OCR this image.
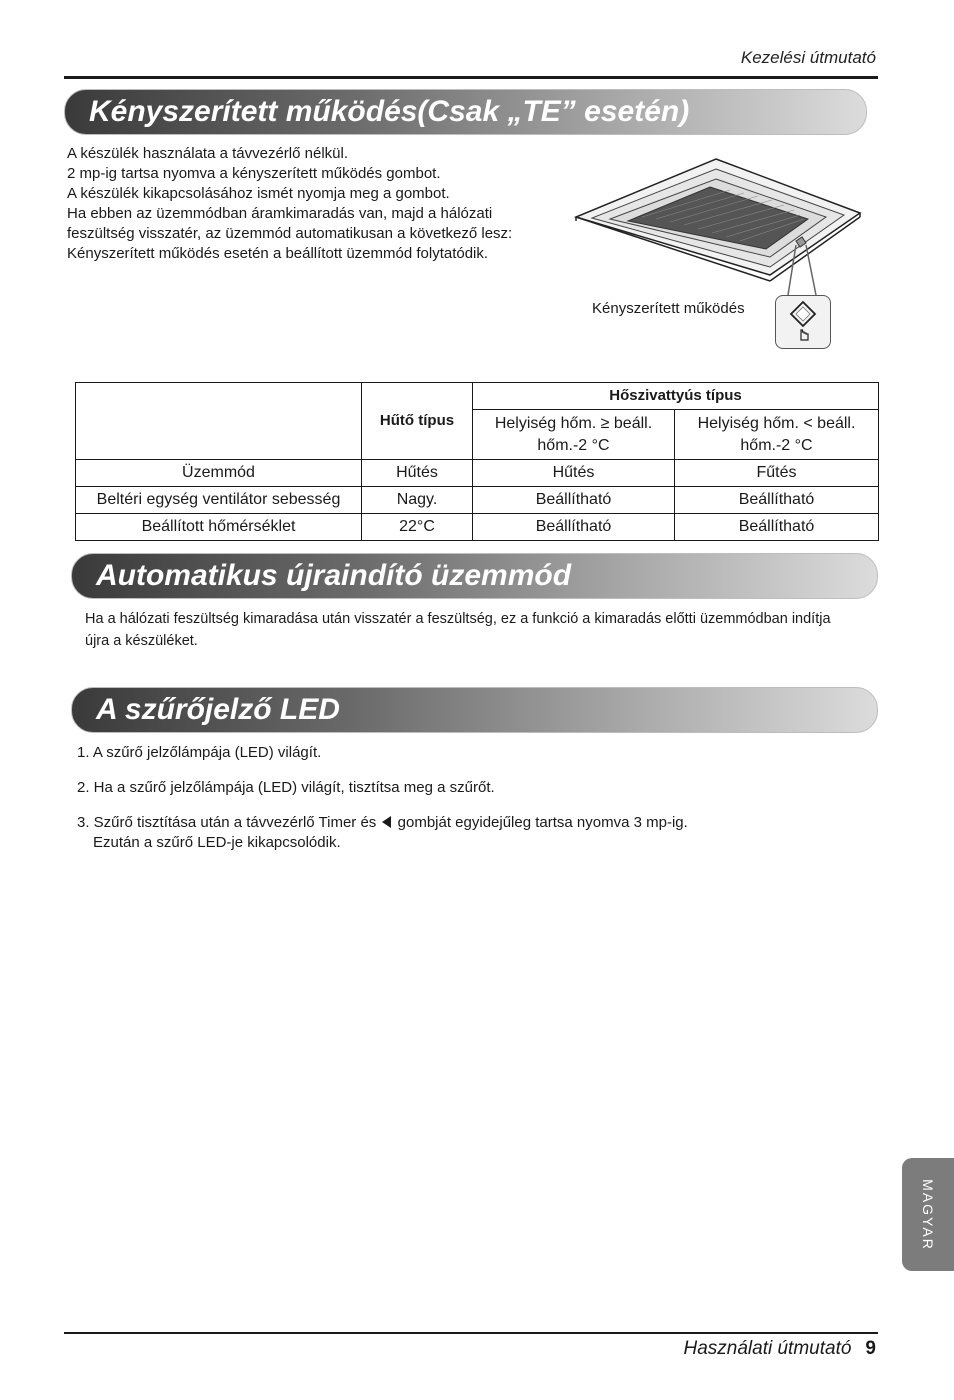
Kezelési útmutató
Kényszerített működés(Csak „TE” esetén)
A készülék használata a távvezérlő nélkül.
2 mp-ig tartsa nyomva a kényszerített működés gombot.
A készülék kikapcsolásához ismét nyomja meg a gombot.
Ha ebben az üzemmódban áramkimaradás van, majd a hálózati
feszültség visszatér, az üzemmód automatikusan a következő lesz:
Kényszerített működés esetén a beállított üzemmód folytatódik.
Kényszerített működés
	Hűtő típus	Hőszivattyús típus	
		Helyiség hőm. ≥ beáll. hőm.-2 °C	Helyiség hőm. < beáll. hőm.-2 °C
Üzemmód	Hűtés	Hűtés	Fűtés
Beltéri egység ventilátor sebesség	Nagy.	Beállítható	Beállítható
Beállított hőmérséklet	22°C	Beállítható	Beállítható
Automatikus újraindító üzemmód
Ha a hálózati feszültség kimaradása után visszatér a feszültség, ez a funkció a kimaradás előtti üzemmódban indítja
újra a készüléket.
A szűrőjelző LED
1. A szűrő jelzőlámpája (LED) világít.
2. Ha a szűrő jelzőlámpája (LED) világít, tisztítsa meg a szűrőt.
3. Szűrő tisztítása után a távvezérlő Timer és gombját egyidejűleg tartsa nyomva 3 mp-ig.
Ezután a szűrő LED-je kikapcsolódik.
MAGYAR
Használati útmutató 9
